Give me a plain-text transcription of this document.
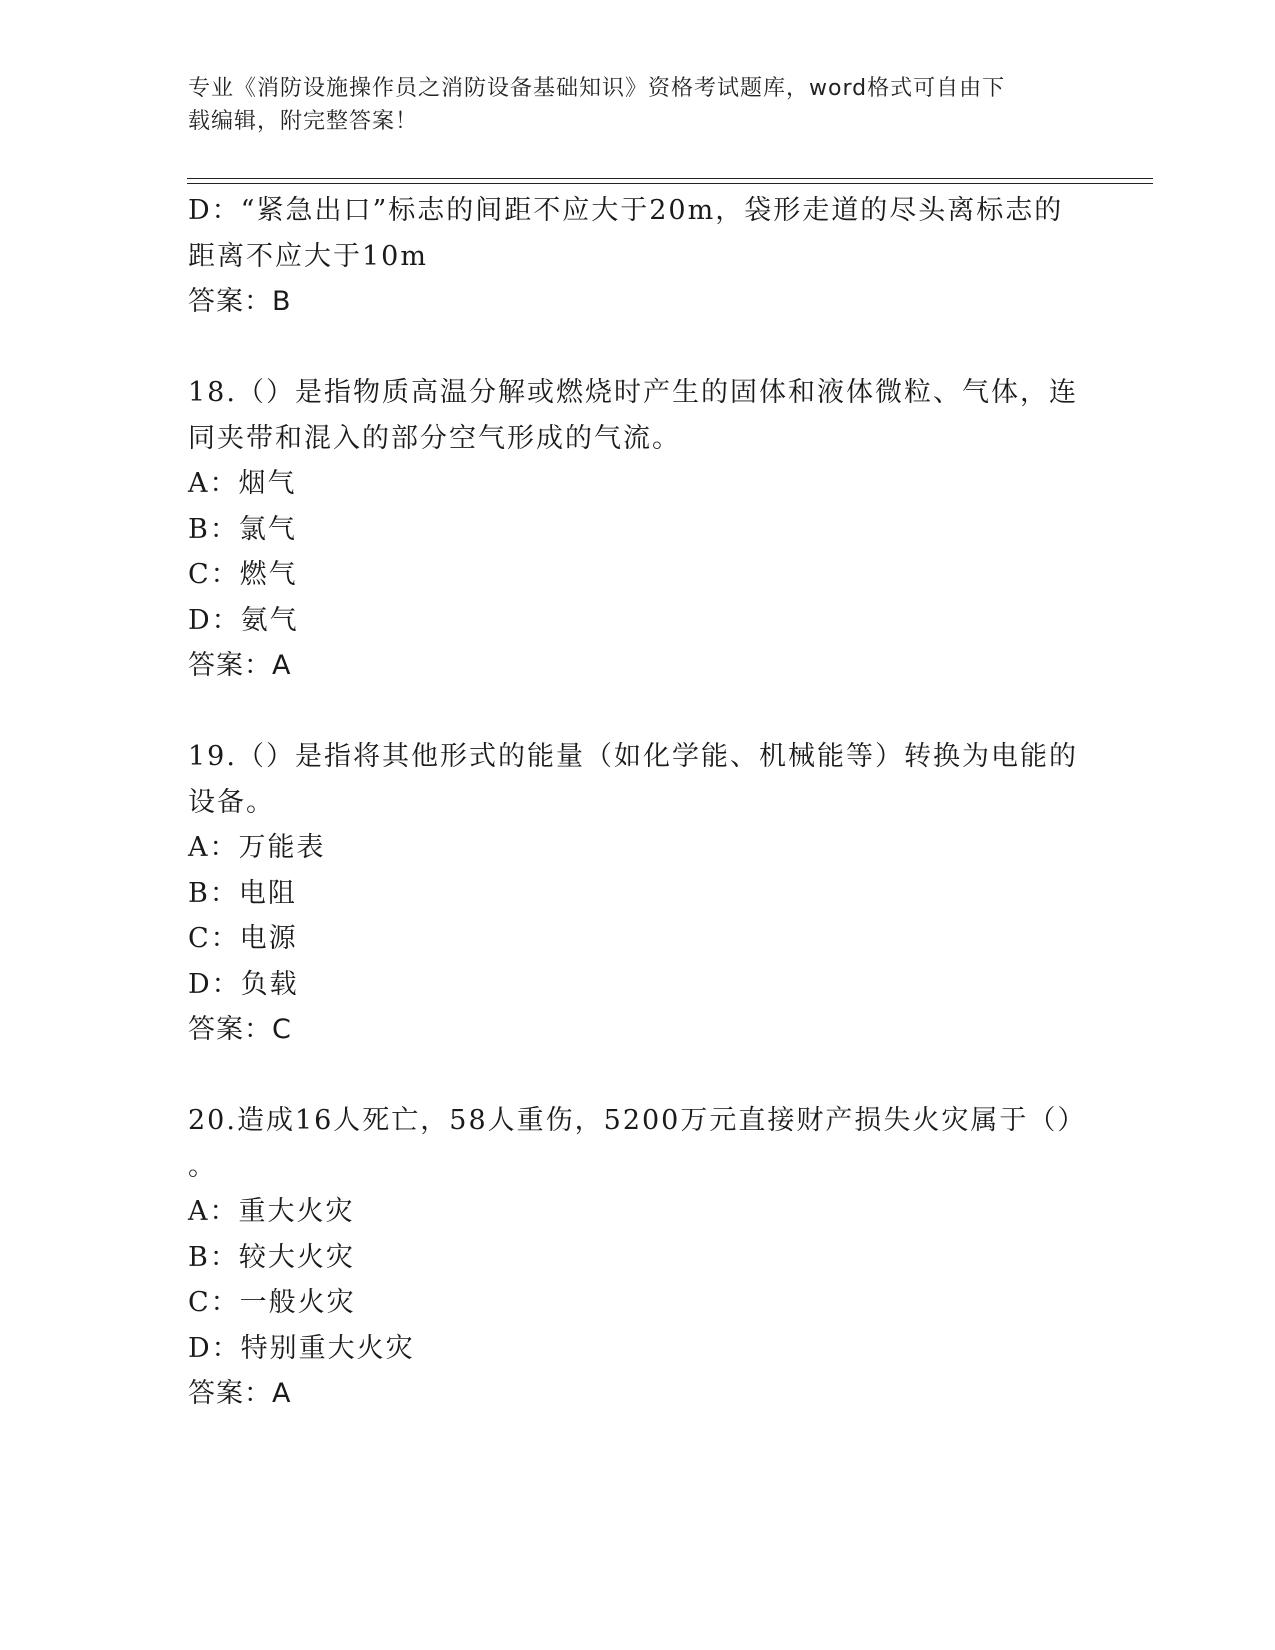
专业《消防设施操作员之消防设备基础知识》资格考试题库，word格式可自由下
载编辑，附完整答案！
D：“紧急出口”标志的间距不应大于20m，袋形走道的尽头离标志的
距离不应大于10m
答案：B
18.（）是指物质高温分解或燃烧时产生的固体和液体微粒、气体，连
同夹带和混入的部分空气形成的气流。
A：烟气
B：氯气
C：燃气
D：氨气
答案：A
19.（）是指将其他形式的能量（如化学能、机械能等）转换为电能的
设备。
A：万能表
B：电阻
C：电源
D：负载
答案：C
20.造成16人死亡，58人重伤，5200万元直接财产损失火灾属于（）
。
A：重大火灾
B：较大火灾
C：一般火灾
D：特别重大火灾
答案：A
